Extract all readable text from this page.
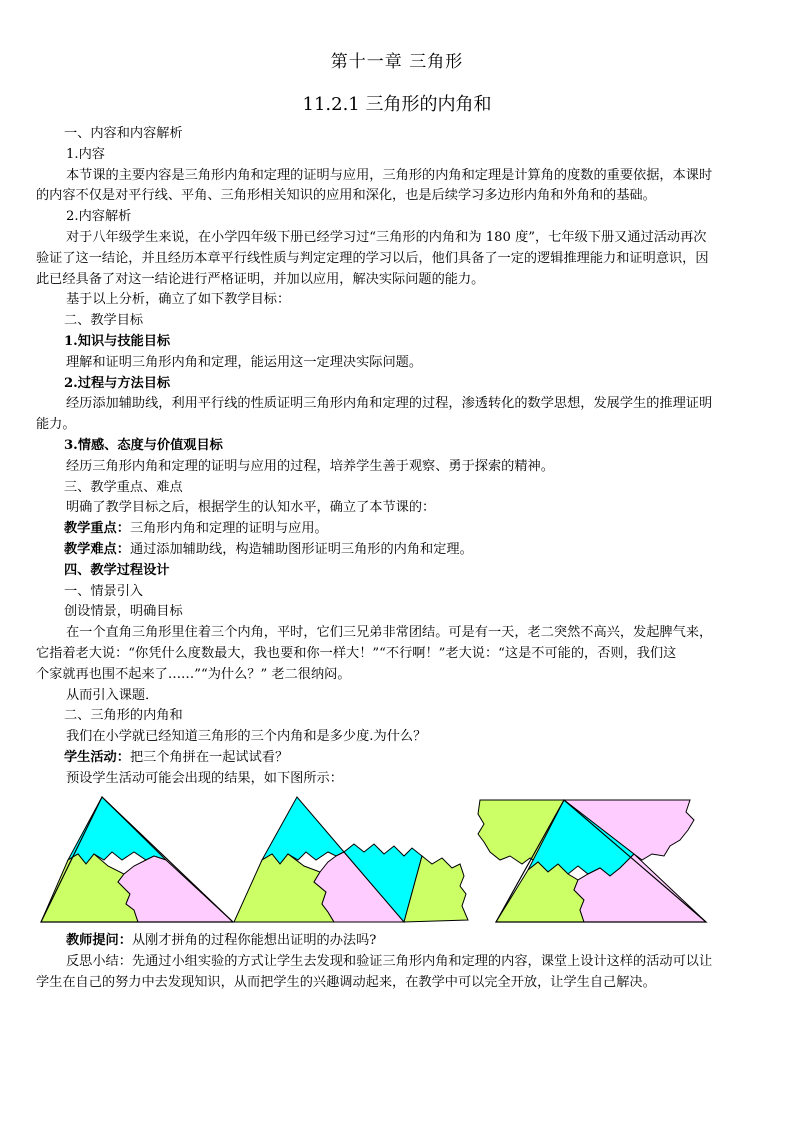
第十一章 三角形
11.2.1 三角形的内角和
一、内容和内容解析
1.内容
本节课的主要内容是三角形内角和定理的证明与应用，三角形的内角和定理是计算角的度数的重要依据，本课时
的内容不仅是对平行线、平角、三角形相关知识的应用和深化，也是后续学习多边形内角和外角和的基础。
2.内容解析
对于八年级学生来说，在小学四年级下册已经学习过“三角形的内角和为 180 度”，七年级下册又通过活动再次
验证了这一结论，并且经历本章平行线性质与判定定理的学习以后，他们具备了一定的逻辑推理能力和证明意识，因
此已经具备了对这一结论进行严格证明，并加以应用，解决实际问题的能力。
基于以上分析，确立了如下教学目标：
二、教学目标
1.知识与技能目标
理解和证明三角形内角和定理，能运用这一定理决实际问题。
2.过程与方法目标
经历添加辅助线，利用平行线的性质证明三角形内角和定理的过程，渗透转化的数学思想，发展学生的推理证明
能力。
3.情感、态度与价值观目标
经历三角形内角和定理的证明与应用的过程，培养学生善于观察、勇于探索的精神。
三、教学重点、难点
明确了教学目标之后，根据学生的认知水平，确立了本节课的：
教学重点：三角形内角和定理的证明与应用。
教学难点：通过添加辅助线，构造辅助图形证明三角形的内角和定理。
四、教学过程设计
一、情景引入
创设情景，明确目标
在一个直角三角形里住着三个内角，平时，它们三兄弟非常团结。可是有一天，老二突然不高兴，发起脾气来，
它指着老大说：“你凭什么度数最大，我也要和你一样大！”“不行啊！”老大说：“这是不可能的，否则，我们这
个家就再也围不起来了……”“为什么？” 老二很纳闷。
从而引入课题．
二、三角形的内角和
我们在小学就已经知道三角形的三个内角和是多少度.为什么？
学生活动：把三个角拼在一起试试看？
预设学生活动可能会出现的结果，如下图所示：
教师提问：从刚才拼角的过程你能想出证明的办法吗?
反思小结：先通过小组实验的方式让学生去发现和验证三角形内角和定理的内容，课堂上设计这样的活动可以让
学生在自己的努力中去发现知识，从而把学生的兴趣调动起来，在教学中可以完全开放，让学生自己解决。
